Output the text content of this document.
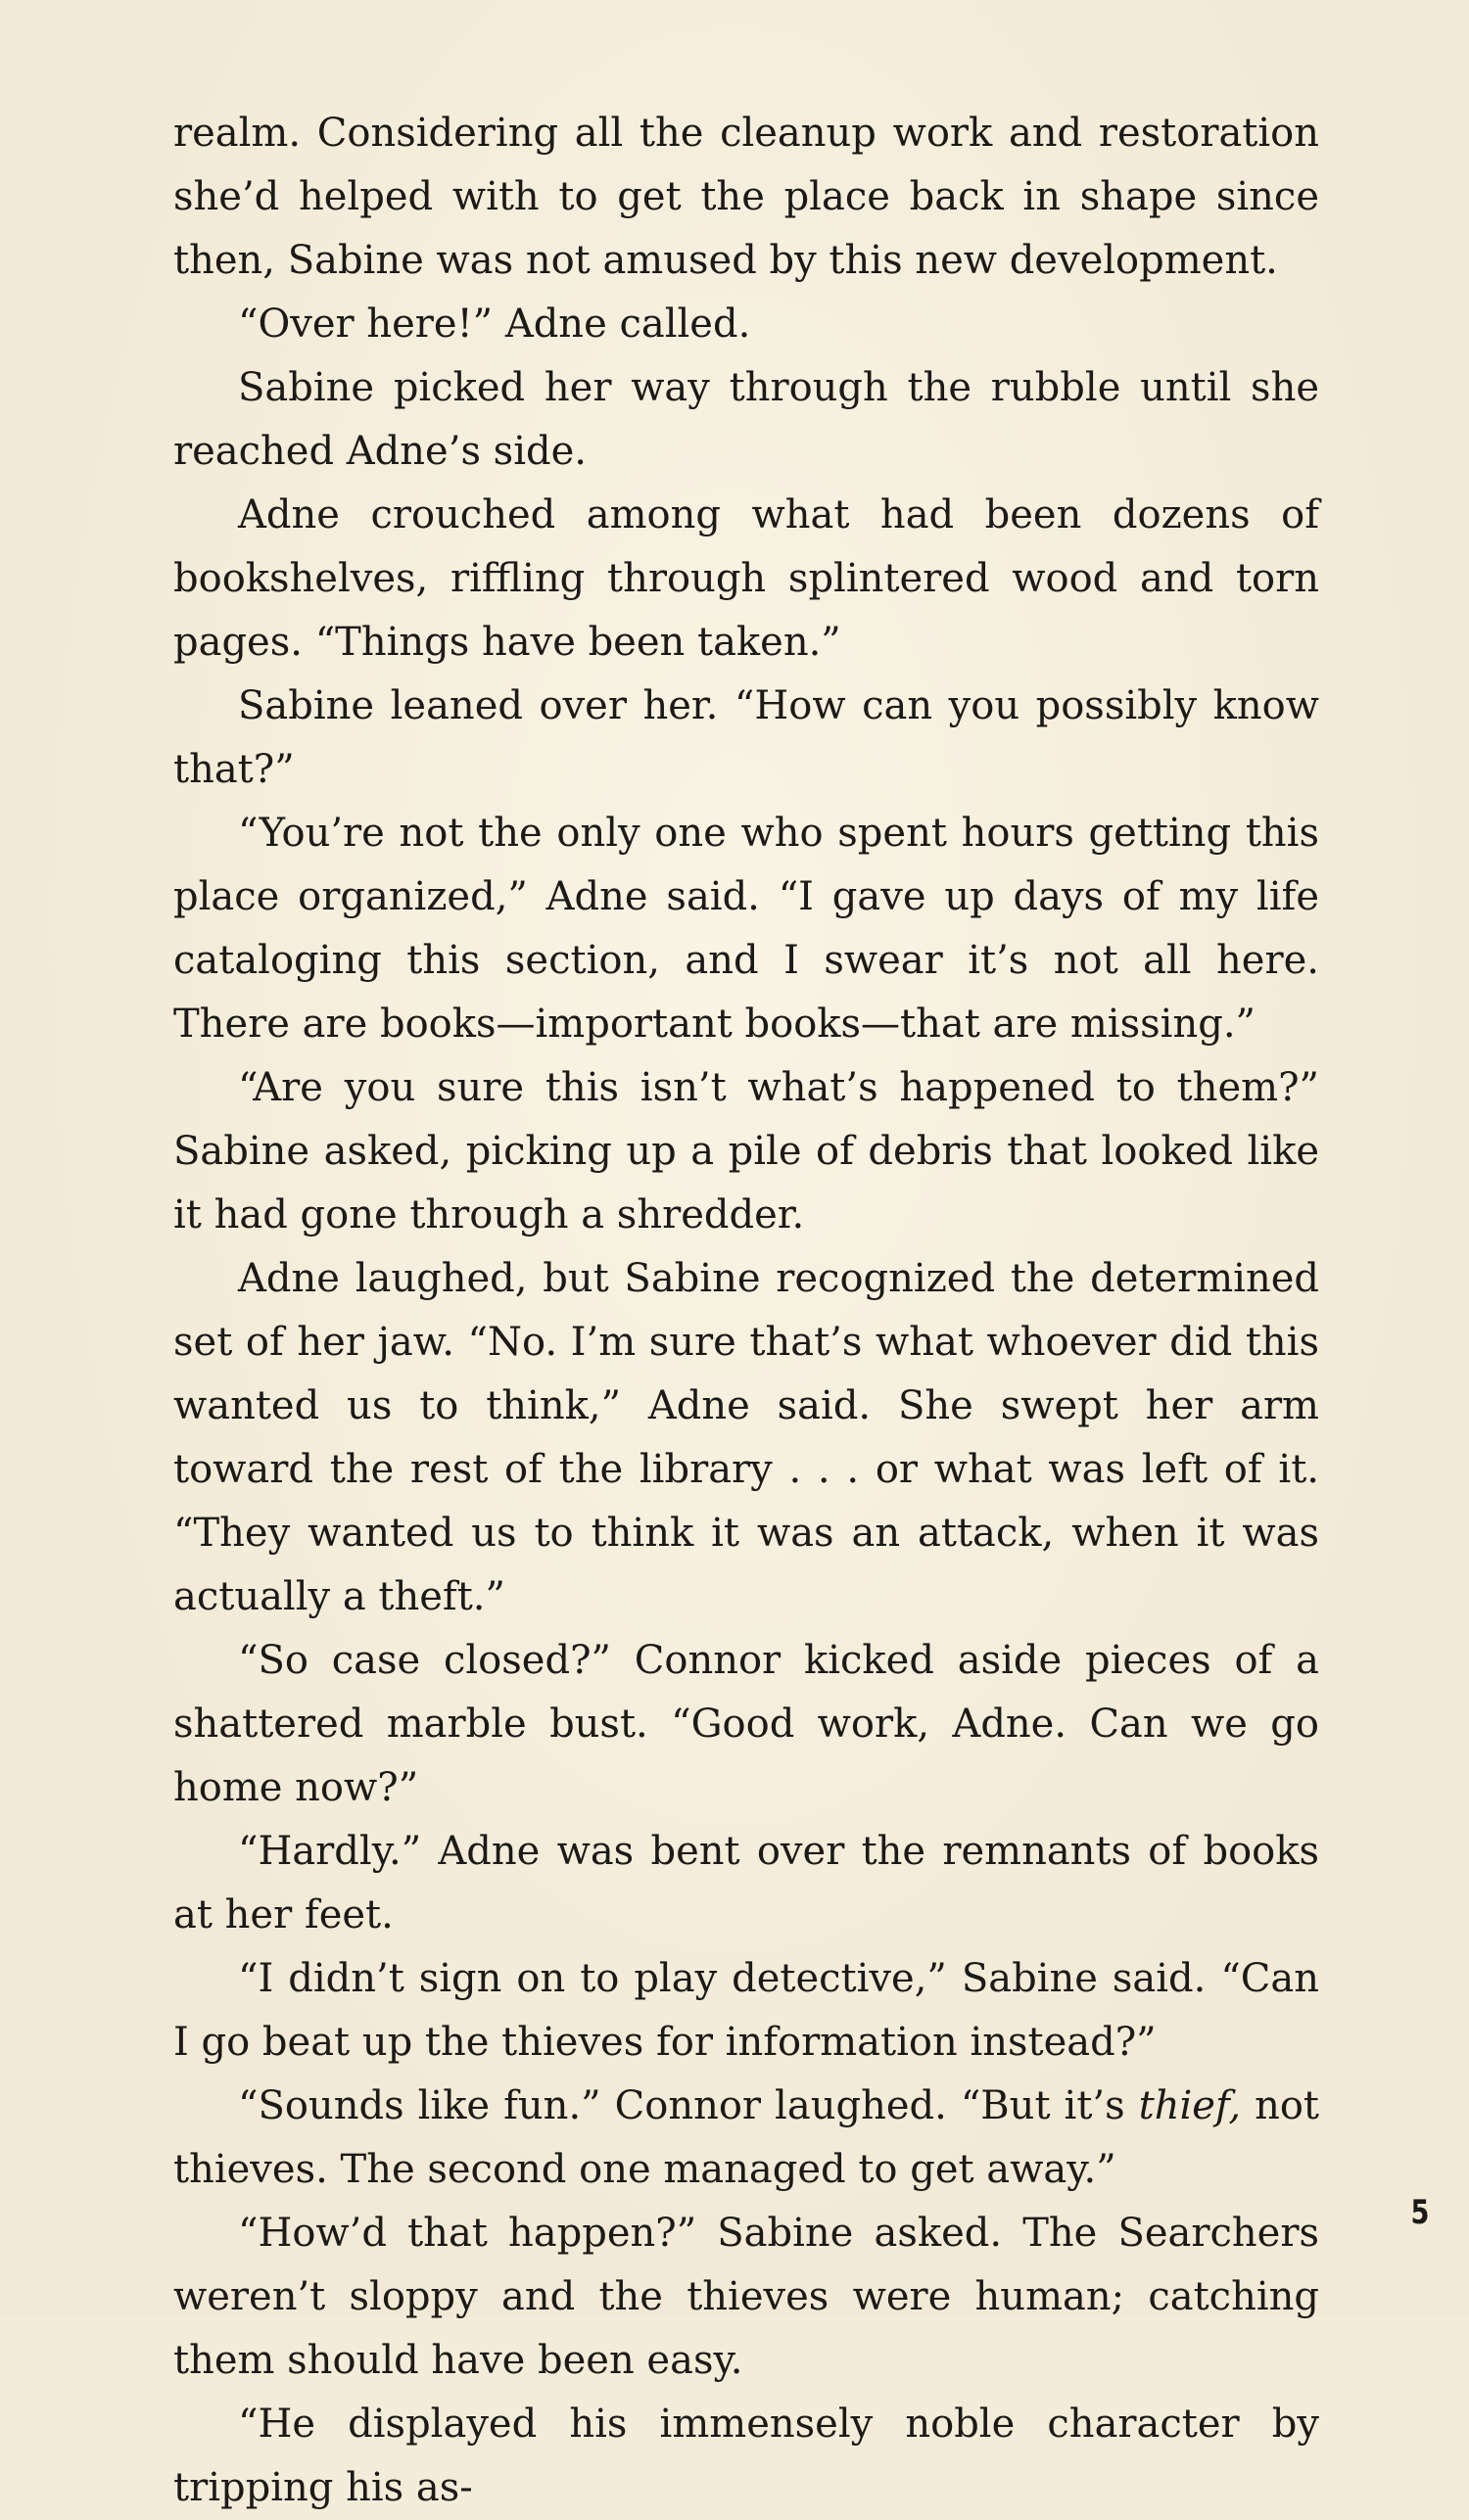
realm. Considering all the cleanup work and restoration she’d helped with to get the place back in shape since then, Sabine was not amused by this new development.

“Over here!” Adne called.

Sabine picked her way through the rubble until she reached Adne’s side.

Adne crouched among what had been dozens of bookshelves, riffling through splintered wood and torn pages. “Things have been taken.”

Sabine leaned over her. “How can you possibly know that?”

“You’re not the only one who spent hours getting this place organized,” Adne said. “I gave up days of my life cataloging this section, and I swear it’s not all here. There are books—important books—that are missing.”

“Are you sure this isn’t what’s happened to them?” Sabine asked, picking up a pile of debris that looked like it had gone through a shredder.

Adne laughed, but Sabine recognized the determined set of her jaw. “No. I’m sure that’s what whoever did this wanted us to think,” Adne said. She swept her arm toward the rest of the library . . . or what was left of it. “They wanted us to think it was an attack, when it was actually a theft.”

“So case closed?” Connor kicked aside pieces of a shattered marble bust. “Good work, Adne. Can we go home now?”

“Hardly.” Adne was bent over the remnants of books at her feet.

“I didn’t sign on to play detective,” Sabine said. “Can I go beat up the thieves for information instead?”

“Sounds like fun.” Connor laughed. “But it’s thief, not thieves. The second one managed to get away.”

“How’d that happen?” Sabine asked. The Searchers weren’t sloppy and the thieves were human; catching them should have been easy.

“He displayed his immensely noble character by tripping his as-

5
